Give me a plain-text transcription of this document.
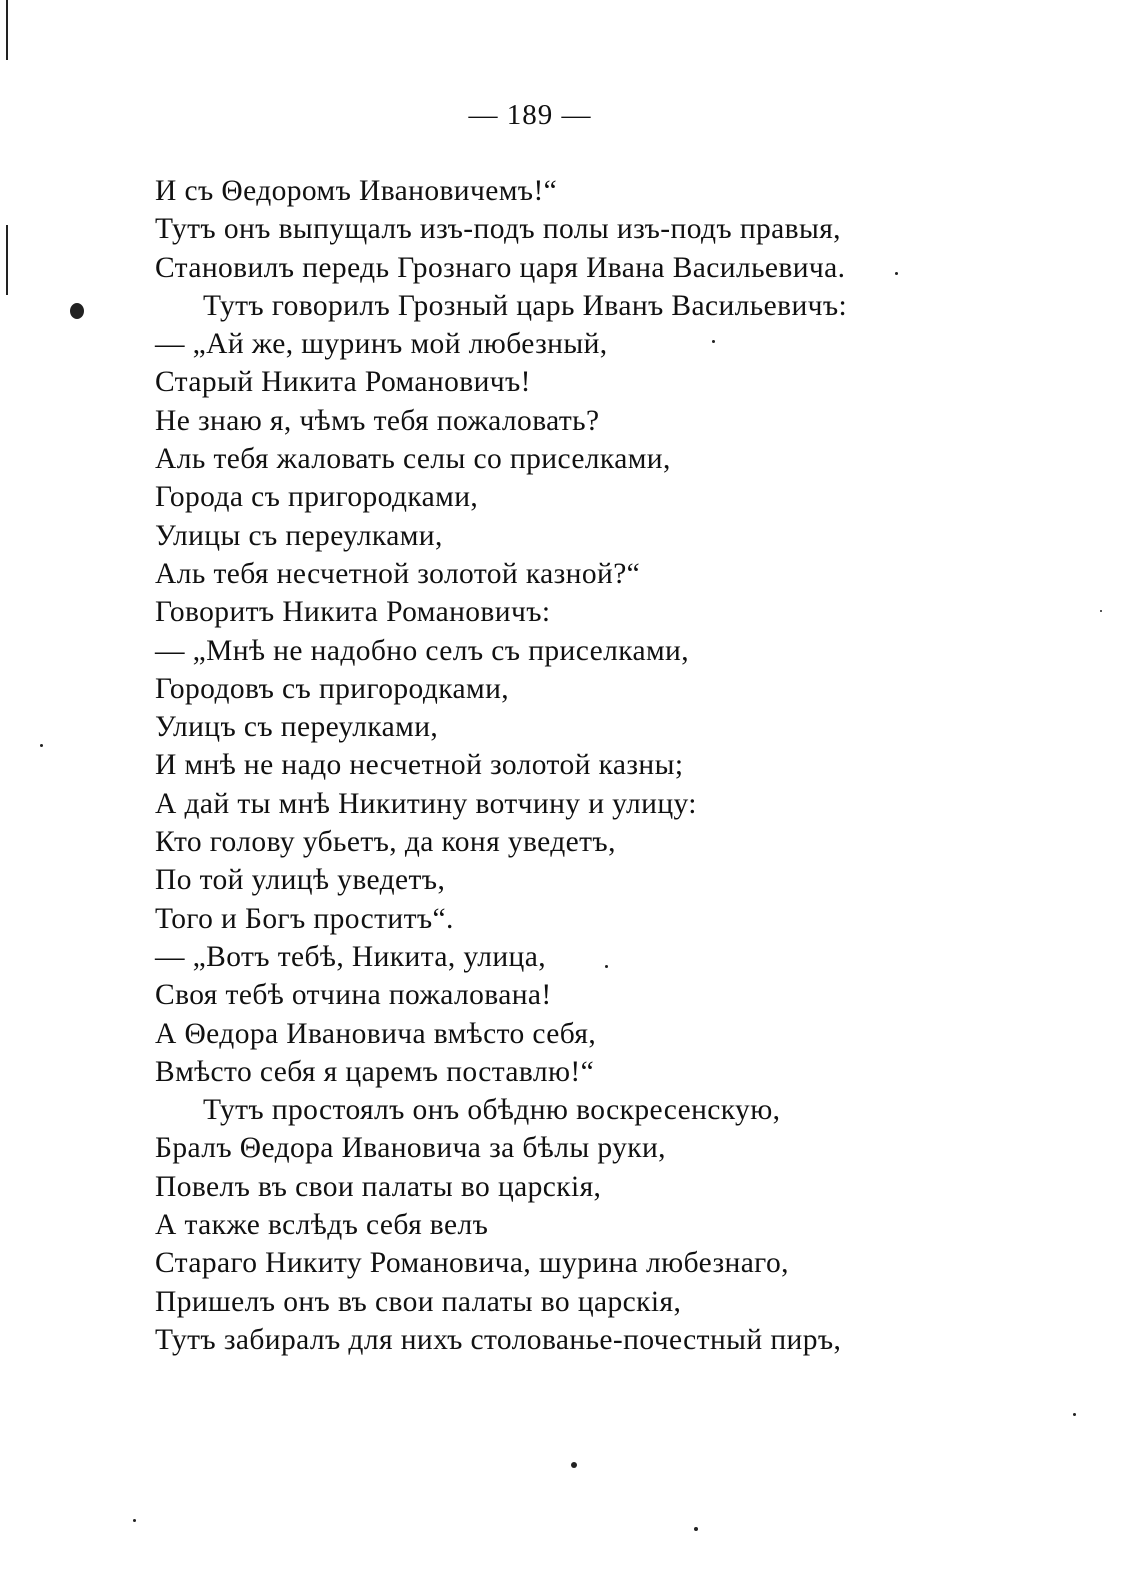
— 189 —
И съ Θедоромъ Ивановичемъ!“
Тутъ онъ выпущалъ изъ-подъ полы изъ-подъ правыя,
Становилъ передь Грознаго царя Ивана Васильевича.
Тутъ говорилъ Грозный царь Иванъ Васильевичъ:
— „Ай же, шуринъ мой любезный,
Старый Никита Романовичъ!
Не знаю я, чѣмъ тебя пожаловать?
Аль тебя жаловать селы со приселками,
Города съ пригородками,
Улицы съ переулками,
Аль тебя несчетной золотой казной?“
Говоритъ Никита Романовичъ:
— „Мнѣ не надобно селъ съ приселками,
Городовъ съ пригородками,
Улицъ съ переулками,
И мнѣ не надо несчетной золотой казны;
А дай ты мнѣ Никитину вотчину и улицу:
Кто голову убьетъ, да коня уведетъ,
По той улицѣ уведетъ,
Того и Богъ проститъ“.
— „Вотъ тебѣ, Никита, улица,
Своя тебѣ отчина пожалована!
А Θедора Ивановича вмѣсто себя,
Вмѣсто себя я царемъ поставлю!“
Тутъ простоялъ онъ обѣдню воскресенскую,
Бралъ Θедора Ивановича за бѣлы руки,
Повелъ въ свои палаты во царскія,
А также вслѣдъ себя велъ
Стараго Никиту Романовича, шурина любезнаго,
Пришелъ онъ въ свои палаты во царскія,
Тутъ забиралъ для нихъ столованье-почестный пиръ,
